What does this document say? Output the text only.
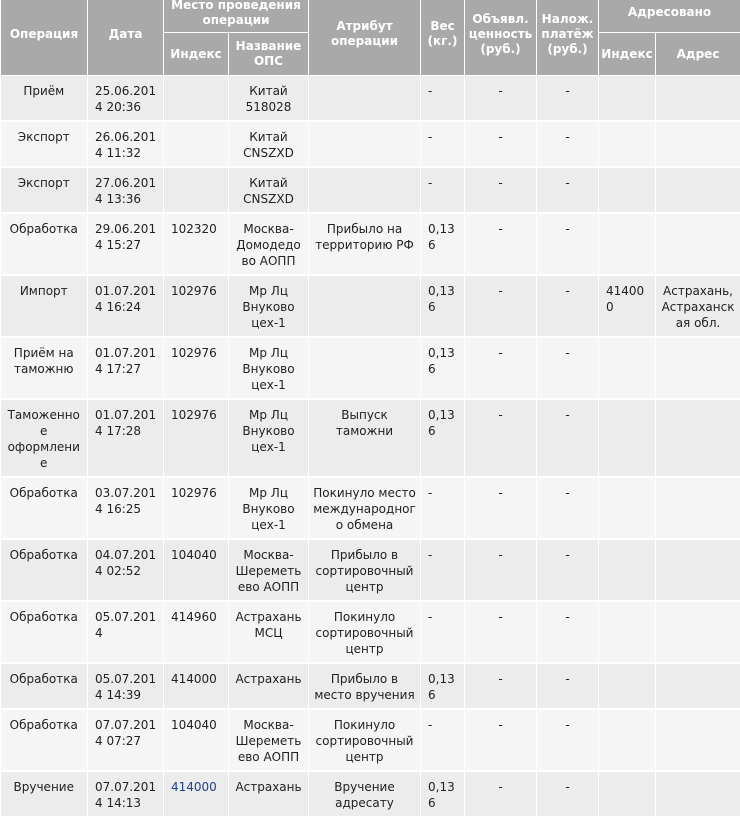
Операция	Дата	Место проведения операции		Атрибут операции	Вес (кг.)	Объявл. ценность (руб.)	Налож. платёж (руб.)	Адресовано	
		Индекс	Название ОПС					Индекс	Адрес
Приём	25.06.2014 20:36		Китай 518028		-	-	-		
Экспорт	26.06.2014 11:32		Китай CNSZXD		-	-	-		
Экспорт	27.06.2014 13:36		Китай CNSZXD		-	-	-		
Обработка	29.06.2014 15:27	102320	Москва-Домодедово АОПП	Прибыло на территорию РФ	0,136	-	-		
Импорт	01.07.2014 16:24	102976	Мр Лц Внуково цех-1		0,136	-	-	414000	Астрахань, Астраханская обл.
Приём на таможню	01.07.2014 17:27	102976	Мр Лц Внуково цех-1		0,136	-	-		
Таможенное оформление	01.07.2014 17:28	102976	Мр Лц Внуково цех-1	Выпуск таможни	0,136	-	-		
Обработка	03.07.2014 16:25	102976	Мр Лц Внуково цех-1	Покинуло место международного обмена	-	-	-		
Обработка	04.07.2014 02:52	104040	Москва-Шереметьево АОПП	Прибыло в сортировочный центр	-	-	-		
Обработка	05.07.2014	414960	Астрахань МСЦ	Покинуло сортировочный центр	-	-	-		
Обработка	05.07.2014 14:39	414000	Астрахань	Прибыло в место вручения	0,136	-	-		
Обработка	07.07.2014 07:27	104040	Москва-Шереметьево АОПП	Покинуло сортировочный центр	-	-	-		
Вручение	07.07.2014 14:13	414000	Астрахань	Вручение адресату	0,136	-	-		
